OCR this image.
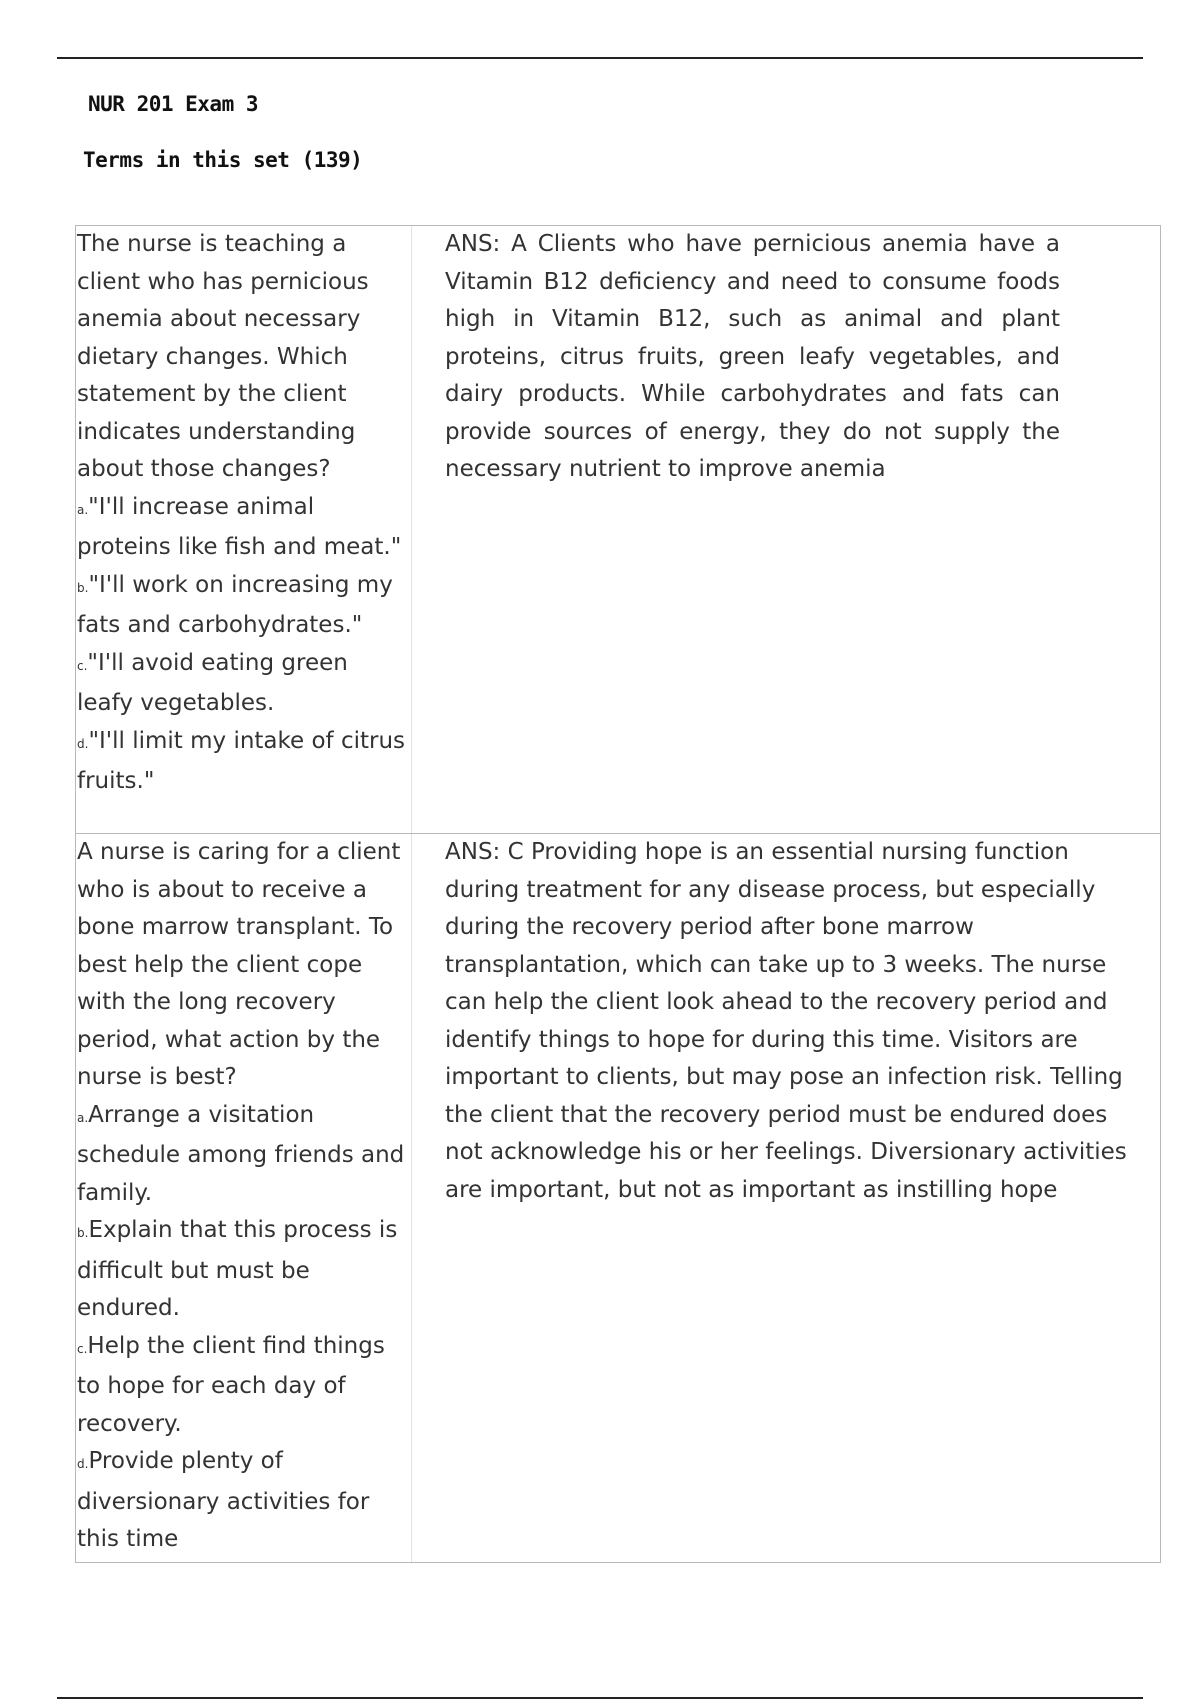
NUR 201 Exam 3
Terms in this set (139)
The nurse is teaching a client who has pernicious anemia about necessary dietary changes. Which statement by the client indicates understanding about those changes?
a."I'll increase animal proteins like fish and meat."
b."I'll work on increasing my fats and carbohydrates."
c."I'll avoid eating green leafy vegetables.
d."I'll limit my intake of citrus fruits."
ANS: A Clients who have pernicious anemia have a Vitamin B12 deficiency and need to consume foods high in Vitamin B12, such as animal and plant proteins, citrus fruits, green leafy vegetables, and dairy products. While carbohydrates and fats can provide sources of energy, they do not supply the necessary nutrient to improve anemia
A nurse is caring for a client who is about to receive a bone marrow transplant. To best help the client cope with the long recovery period, what action by the nurse is best?
a.Arrange a visitation schedule among friends and family.
b.Explain that this process is difficult but must be endured.
c.Help the client find things to hope for each day of recovery.
d.Provide plenty of diversionary activities for this time
ANS: C Providing hope is an essential nursing function during treatment for any disease process, but especially during the recovery period after bone marrow transplantation, which can take up to 3 weeks. The nurse can help the client look ahead to the recovery period and identify things to hope for during this time. Visitors are important to clients, but may pose an infection risk. Telling the client that the recovery period must be endured does not acknowledge his or her feelings. Diversionary activities are important, but not as important as instilling hope
